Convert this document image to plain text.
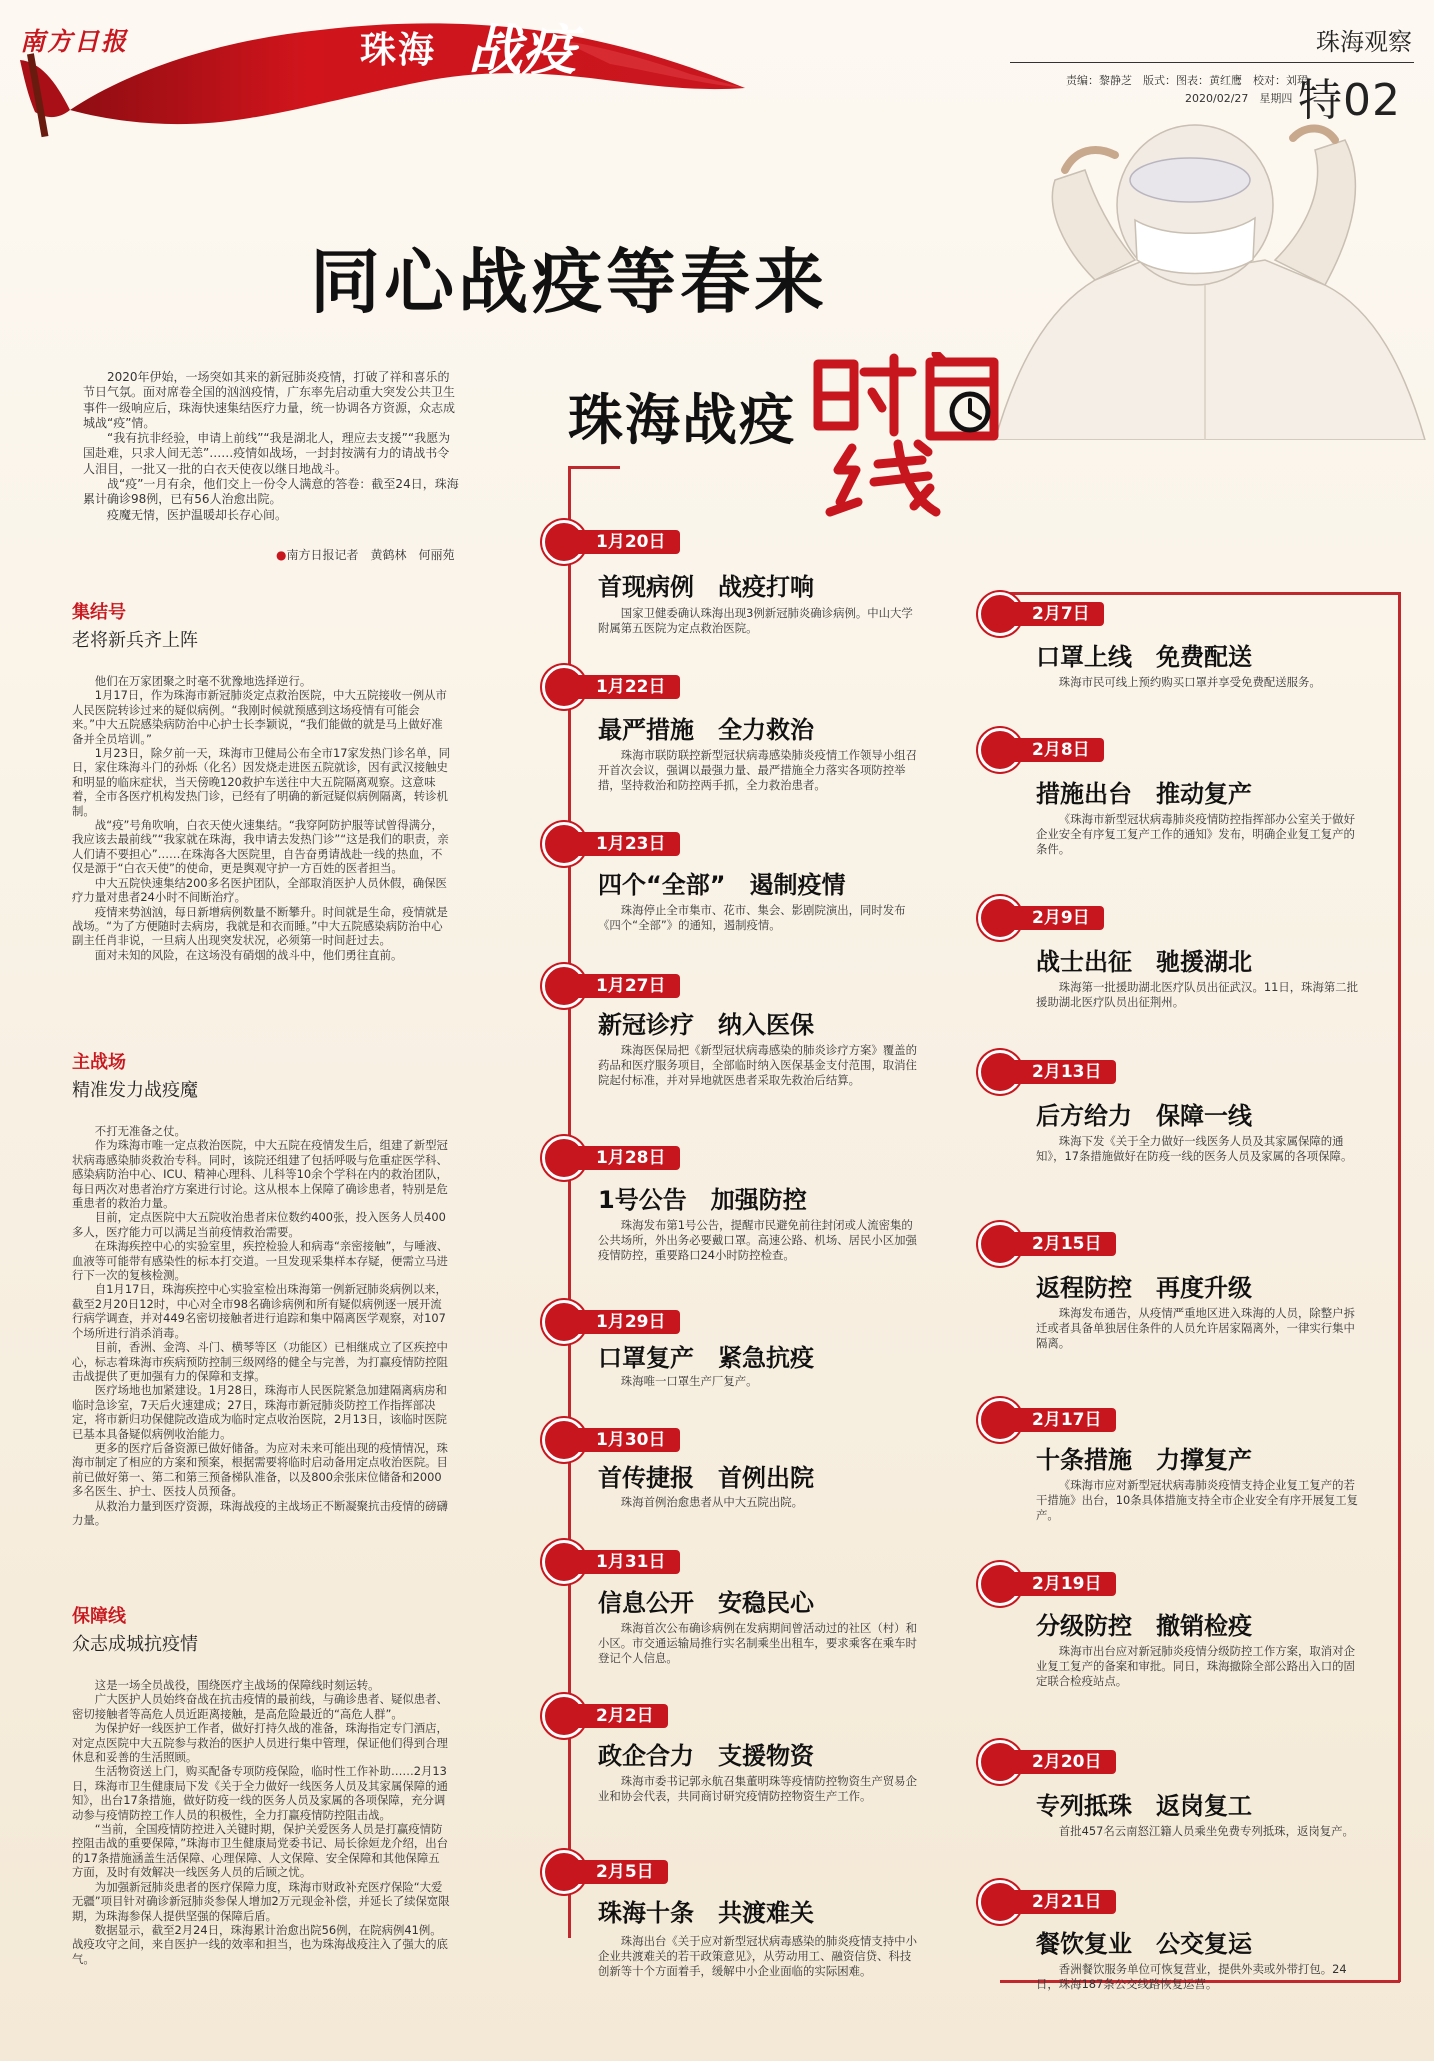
南方日报	珠海 战疫	珠海观察
责编：黎静芝　版式：图表：黄红鹰　校对：刘珺
2020/02/27　星期四 特02
同心战疫等春来
珠海战疫

2020年伊始，一场突如其来的新冠肺炎疫情，打破了祥和喜乐的节日气氛。面对席卷全国的汹汹疫情，广东率先启动重大突发公共卫生事件一级响应后，珠海快速集结医疗力量，统一协调各方资源，众志成城战“疫”情。

“我有抗非经验，申请上前线”“我是湖北人，理应去支援”“我愿为国赴难，只求人间无恙”……疫情如战场，一封封按满有力的请战书令人泪目，一批又一批的白衣天使夜以继日地战斗。

战“疫”一月有余，他们交上一份令人满意的答卷：截至24日，珠海累计确诊98例，已有56人治愈出院。

疫魔无情，医护温暖却长存心间。

●南方日报记者　黄鹤林　何丽苑
集结号
老将新兵齐上阵

他们在万家团聚之时毫不犹豫地选择逆行。

1月17日，作为珠海市新冠肺炎定点救治医院，中大五院接收一例从市人民医院转诊过来的疑似病例。“我刚时候就预感到这场疫情有可能会来。”中大五院感染病防治中心护士长李颖说，“我们能做的就是马上做好准备并全员培训。”

1月23日，除夕前一天，珠海市卫健局公布全市17家发热门诊名单，同日，家住珠海斗门的孙烁（化名）因发烧走进医五院就诊，因有武汉接触史和明显的临床症状，当天傍晚120救护车送往中大五院隔离观察。这意味着，全市各医疗机构发热门诊，已经有了明确的新冠疑似病例隔离，转诊机制。

战“疫”号角吹响，白衣天使火速集结。“我穿阿防护服等试曾得满分，我应该去最前线”“我家就在珠海，我申请去发热门诊”“这是我们的职责，亲人们请不要担心”……在珠海各大医院里，自告奋勇请战赴一线的热血，不仅是源于“白衣天使”的使命，更是舆观守护一方百姓的医者担当。

中大五院快速集结200多名医护团队，全部取消医护人员休假，确保医疗力量对患者24小时不间断治疗。

疫情来势汹汹，每日新增病例数量不断攀升。时间就是生命，疫情就是战场。“为了方便随时去病房，我就是和衣而睡。”中大五院感染病防治中心副主任肖非说，一旦病人出现突发状况，必须第一时间赶过去。

面对未知的风险，在这场没有硝烟的战斗中，他们勇往直前。

主战场
精准发力战疫魔

不打无准备之仗。

作为珠海市唯一定点救治医院，中大五院在疫情发生后，组建了新型冠状病毒感染肺炎救治专科。同时，该院还组建了包括呼吸与危重症医学科、感染病防治中心、ICU、精神心理科、儿科等10余个学科在内的救治团队，每日两次对患者治疗方案进行讨论。这从根本上保障了确诊患者，特别是危重患者的救治力量。

目前，定点医院中大五院收治患者床位数约400张，投入医务人员400多人，医疗能力可以满足当前疫情救治需要。

在珠海疾控中心的实验室里，疾控检验人和病毒“亲密接触”，与唾液、血液等可能带有感染性的标本打交道。一旦发现采集样本存疑，便需立马进行下一次的复核检测。

自1月17日，珠海疾控中心实验室检出珠海第一例新冠肺炎病例以来，截至2月20日12时，中心对全市98名确诊病例和所有疑似病例逐一展开流行病学调查，并对449名密切接触者进行追踪和集中隔离医学观察，对107个场所进行消杀消毒。

目前，香洲、金湾、斗门、横琴等区（功能区）已相继成立了区疾控中心，标志着珠海市疾病预防控制三级网络的健全与完善，为打赢疫情防控阻击战提供了更加强有力的保障和支撑。

医疗场地也加紧建设。1月28日，珠海市人民医院紧急加建隔离病房和临时急诊室，7天后火速建成；27日，珠海市新冠肺炎防控工作指挥部决定，将市新归功保健院改造成为临时定点收治医院，2月13日，该临时医院已基本具备疑似病例收治能力。

更多的医疗后备资源已做好储备。为应对未来可能出现的疫情情况，珠海市制定了相应的方案和预案，根据需要将临时启动备用定点收治医院。目前已做好第一、第二和第三预备梯队准备，以及800余张床位储备和2000多名医生、护士、医技人员预备。

从救治力量到医疗资源，珠海战疫的主战场正不断凝聚抗击疫情的磅礴力量。

保障线
众志成城抗疫情

这是一场全员战役，围绕医疗主战场的保障线时刻运转。

广大医护人员始终奋战在抗击疫情的最前线，与确诊患者、疑似患者、密切接触者等高危人员近距离接触，是高危险最近的“高危人群”。

为保护好一线医护工作者，做好打持久战的准备，珠海指定专门酒店，对定点医院中大五院参与救治的医护人员进行集中管理，保证他们得到合理休息和妥善的生活照顾。

生活物资送上门，购买配备专项防疫保险，临时性工作补助……2月13日，珠海市卫生健康局下发《关于全力做好一线医务人员及其家属保障的通知》，出台17条措施，做好防疫一线的医务人员及家属的各项保障，充分调动参与疫情防控工作人员的积极性，全力打赢疫情防控阻击战。

“当前，全国疫情防控进入关键时期，保护关爱医务人员是打赢疫情防控阻击战的重要保障，”珠海市卫生健康局党委书记、局长徐姮龙介绍，出台的17条措施涵盖生活保障、心理保障、人文保障、安全保障和其他保障五方面，及时有效解决一线医务人员的后顾之忧。

为加强新冠肺炎患者的医疗保障力度，珠海市财政补充医疗保险“大爱无疆”项目针对确诊新冠肺炎参保人增加2万元现金补偿，并延长了续保宽限期，为珠海参保人提供坚强的保障后盾。

数据显示，截至2月24日，珠海累计治愈出院56例，在院病例41例。战疫攻守之间，来自医护一线的效率和担当，也为珠海战疫注入了强大的底气。

1月20日
首现病例　战疫打响
国家卫健委确认珠海出现3例新冠肺炎确诊病例。中山大学附属第五医院为定点救治医院。
1月22日
最严措施　全力救治
珠海市联防联控新型冠状病毒感染肺炎疫情工作领导小组召开首次会议，强调以最强力量、最严措施全力落实各项防控举措，坚持救治和防控两手抓，全力救治患者。
1月23日
四个“全部”　遏制疫情
珠海停止全市集市、花市、集会、影剧院演出，同时发布《四个“全部”》的通知，遏制疫情。
1月27日
新冠诊疗　纳入医保
珠海医保局把《新型冠状病毒感染的肺炎诊疗方案》覆盖的药品和医疗服务项目，全部临时纳入医保基金支付范围，取消住院起付标准，并对异地就医患者采取先救治后结算。
1月28日
1号公告　加强防控
珠海发布第1号公告，提醒市民避免前往封闭或人流密集的公共场所，外出务必要戴口罩。高速公路、机场、居民小区加强疫情防控，重要路口24小时防控检查。
1月29日
口罩复产　紧急抗疫
珠海唯一口罩生产厂复产。
1月30日
首传捷报　首例出院
珠海首例治愈患者从中大五院出院。
1月31日
信息公开　安稳民心
珠海首次公布确诊病例在发病期间曾活动过的社区（村）和小区。市交通运输局推行实名制乘坐出租车，要求乘客在乘车时登记个人信息。
2月2日
政企合力　支援物资
珠海市委书记郭永航召集董明珠等疫情防控物资生产贸易企业和协会代表，共同商讨研究疫情防控物资生产工作。
2月5日
珠海十条　共渡难关
珠海出台《关于应对新型冠状病毒感染的肺炎疫情支持中小企业共渡难关的若干政策意见》，从劳动用工、融资信贷、科技创新等十个方面着手，缓解中小企业面临的实际困难。
2月7日
口罩上线　免费配送
珠海市民可线上预约购买口罩并享受免费配送服务。
2月8日
措施出台　推动复产
《珠海市新型冠状病毒肺炎疫情防控指挥部办公室关于做好企业安全有序复工复产工作的通知》发布，明确企业复工复产的条件。
2月9日
战士出征　驰援湖北
珠海第一批援助湖北医疗队员出征武汉。11日，珠海第二批援助湖北医疗队员出征荆州。
2月13日
后方给力　保障一线
珠海下发《关于全力做好一线医务人员及其家属保障的通知》，17条措施做好在防疫一线的医务人员及家属的各项保障。
2月15日
返程防控　再度升级
珠海发布通告，从疫情严重地区进入珠海的人员，除整户拆迁或者具备单独居住条件的人员允许居家隔离外，一律实行集中隔离。
2月17日
十条措施　力撑复产
《珠海市应对新型冠状病毒肺炎疫情支持企业复工复产的若干措施》出台，10条具体措施支持全市企业安全有序开展复工复产。
2月19日
分级防控　撤销检疫
珠海市出台应对新冠肺炎疫情分级防控工作方案，取消对企业复工复产的备案和审批。同日，珠海撤除全部公路出入口的固定联合检疫站点。
2月20日
专列抵珠　返岗复工
首批457名云南怒江籍人员乘坐免费专列抵珠，返岗复产。
2月21日
餐饮复业　公交复运
香洲餐饮服务单位可恢复营业，提供外卖或外带打包。24日，珠海187条公交线路恢复运营。
